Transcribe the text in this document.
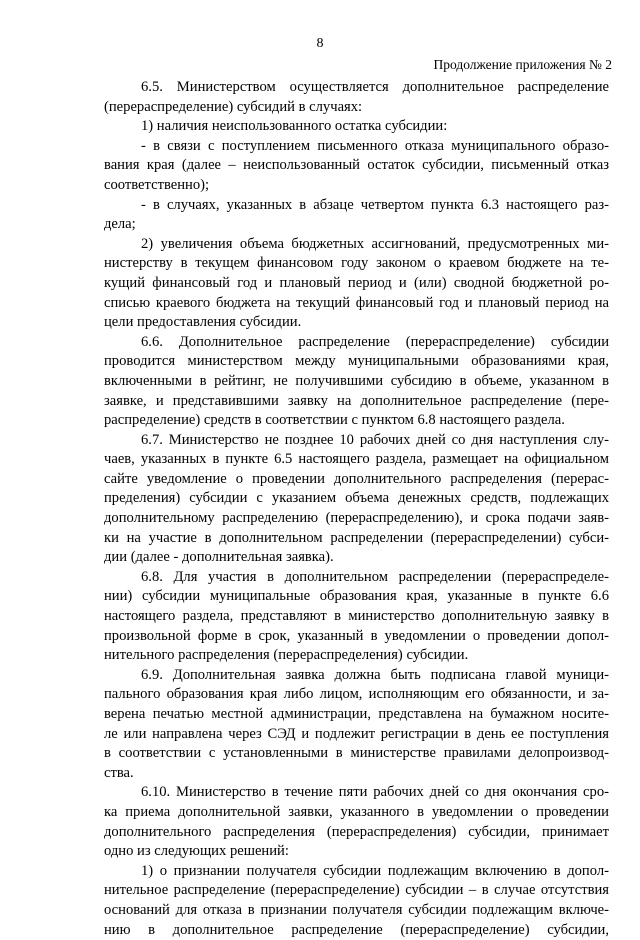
8
Продолжение приложения № 2
6.5. Министерством осуществляется дополнительное распределение
(перераспределение) субсидий в случаях:
1) наличия неиспользованного остатка субсидии:
- в связи с поступлением письменного отказа муниципального образо-
вания края (далее – неиспользованный остаток субсидии, письменный отказ
соответственно);
- в случаях, указанных в абзаце четвертом пункта 6.3 настоящего раз-
дела;
2) увеличения объема бюджетных ассигнований, предусмотренных ми-
нистерству в текущем финансовом году законом о краевом бюджете на те-
кущий финансовый год и плановый период и (или) сводной бюджетной ро-
списью краевого бюджета на текущий финансовый год и плановый период на
цели предоставления субсидии.
6.6. Дополнительное распределение (перераспределение) субсидии
проводится министерством между муниципальными образованиями края,
включенными в рейтинг, не получившими субсидию в объеме, указанном в
заявке, и представившими заявку на дополнительное распределение (пере-
распределение) средств в соответствии с пунктом 6.8 настоящего раздела.
6.7. Министерство не позднее 10 рабочих дней со дня наступления слу-
чаев, указанных в пункте 6.5 настоящего раздела, размещает на официальном
сайте уведомление о проведении дополнительного распределения (перерас-
пределения) субсидии с указанием объема денежных средств, подлежащих
дополнительному распределению (перераспределению), и срока подачи заяв-
ки на участие в дополнительном распределении (перераспределении) субси-
дии (далее - дополнительная заявка).
6.8. Для участия в дополнительном распределении (перераспределе-
нии) субсидии муниципальные образования края, указанные в пункте 6.6
настоящего раздела, представляют в министерство дополнительную заявку в
произвольной форме в срок, указанный в уведомлении о проведении допол-
нительного распределения (перераспределения) субсидии.
6.9. Дополнительная заявка должна быть подписана главой муници-
пального образования края либо лицом, исполняющим его обязанности, и за-
верена печатью местной администрации, представлена на бумажном носите-
ле или направлена через СЭД и подлежит регистрации в день ее поступления
в соответствии с установленными в министерстве правилами делопроизвод-
ства.
6.10. Министерство в течение пяти рабочих дней со дня окончания сро-
ка приема дополнительной заявки, указанного в уведомлении о проведении
дополнительного распределения (перераспределения) субсидии, принимает
одно из следующих решений:
1) о признании получателя субсидии подлежащим включению в допол-
нительное распределение (перераспределение) субсидии – в случае отсутствия
оснований для отказа в признании получателя субсидии подлежащим включе-
нию в дополнительное распределение (перераспределение) субсидии,
